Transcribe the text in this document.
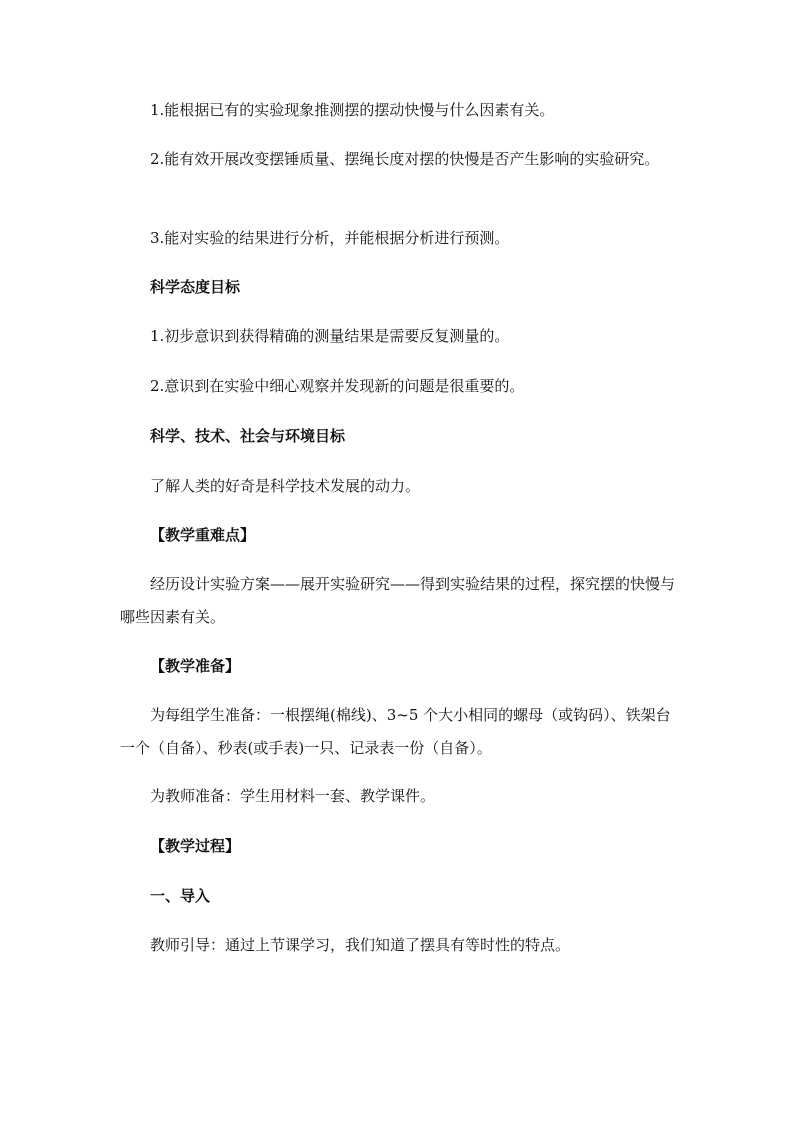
1.能根据已有的实验现象推测摆的摆动快慢与什么因素有关。

2.能有效开展改变摆锤质量、摆绳长度对摆的快慢是否产生影响的实验研究。

3.能对实验的结果进行分析，并能根据分析进行预测。

科学态度目标

1.初步意识到获得精确的测量结果是需要反复测量的。

2.意识到在实验中细心观察并发现新的问题是很重要的。

科学、技术、社会与环境目标

了解人类的好奇是科学技术发展的动力。

【教学重难点】

经历设计实验方案——展开实验研究——得到实验结果的过程，探究摆的快慢与哪些因素有关。

【教学准备】

为每组学生准备：一根摆绳(棉线)、3~5 个大小相同的螺母（或钩码）、铁架台一个（自备）、秒表(或手表)一只、记录表一份（自备）。

为教师准备：学生用材料一套、教学课件。

【教学过程】

一、导入

教师引导：通过上节课学习，我们知道了摆具有等时性的特点。
